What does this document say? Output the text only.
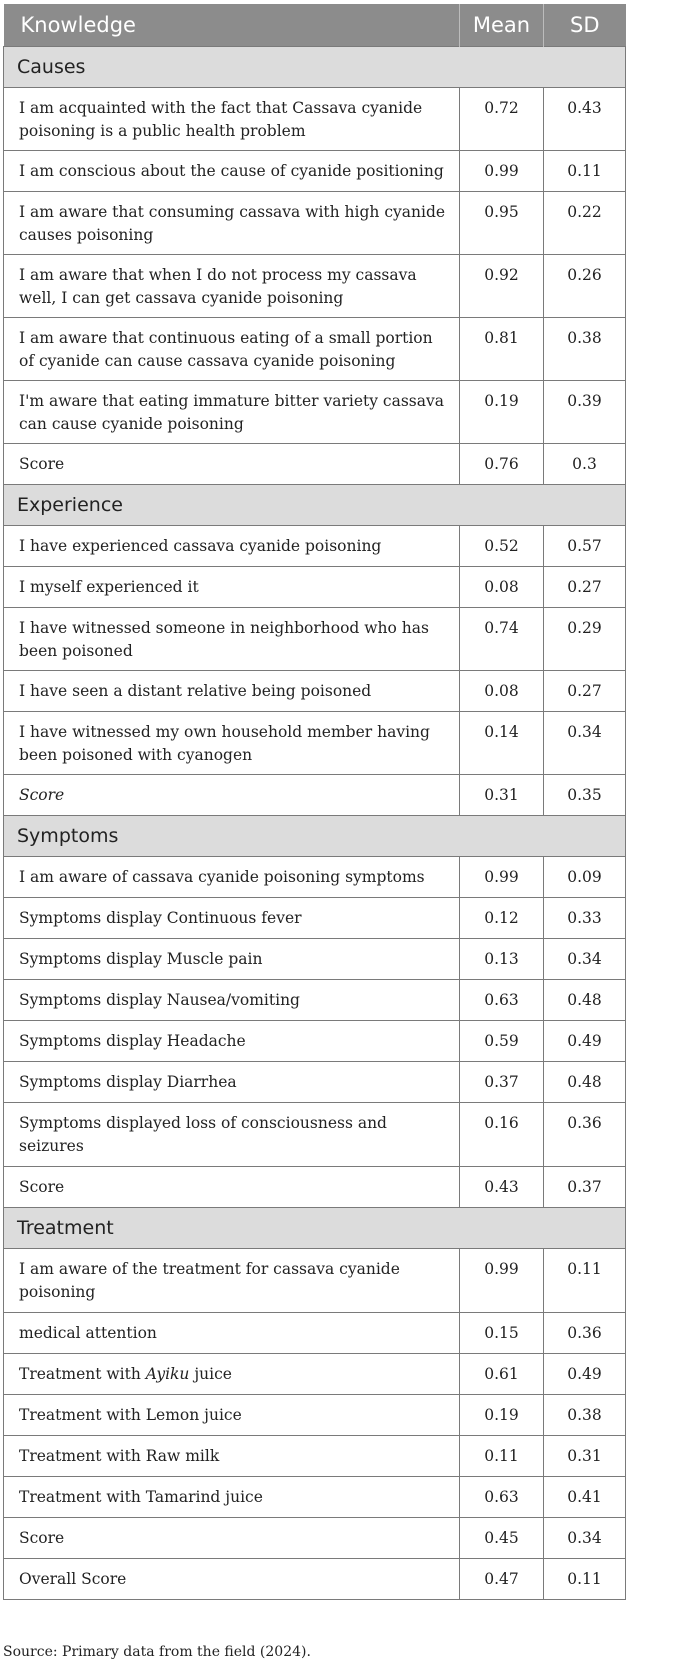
Knowledge	Mean	SD
Causes		
I am acquainted with the fact that Cassava cyanide poisoning is a public health problem	0.72	0.43
I am conscious about the cause of cyanide positioning	0.99	0.11
I am aware that consuming cassava with high cyanide causes poisoning	0.95	0.22
I am aware that when I do not process my cassava well, I can get cassava cyanide poisoning	0.92	0.26
I am aware that continuous eating of a small portion of cyanide can cause cassava cyanide poisoning	0.81	0.38
I'm aware that eating immature bitter variety cassava can cause cyanide poisoning	0.19	0.39
Score	0.76	0.3
Experience		
I have experienced cassava cyanide poisoning	0.52	0.57
I myself experienced it	0.08	0.27
I have witnessed someone in neighborhood who has been poisoned	0.74	0.29
I have seen a distant relative being poisoned	0.08	0.27
I have witnessed my own household member having been poisoned with cyanogen	0.14	0.34
Score	0.31	0.35
Symptoms		
I am aware of cassava cyanide poisoning symptoms	0.99	0.09
Symptoms display Continuous fever	0.12	0.33
Symptoms display Muscle pain	0.13	0.34
Symptoms display Nausea/vomiting	0.63	0.48
Symptoms display Headache	0.59	0.49
Symptoms display Diarrhea	0.37	0.48
Symptoms displayed loss of consciousness and seizures	0.16	0.36
Score	0.43	0.37
Treatment		
I am aware of the treatment for cassava cyanide poisoning	0.99	0.11
medical attention	0.15	0.36
Treatment with Ayiku juice	0.61	0.49
Treatment with Lemon juice	0.19	0.38
Treatment with Raw milk	0.11	0.31
Treatment with Tamarind juice	0.63	0.41
Score	0.45	0.34
Overall Score	0.47	0.11
Source: Primary data from the field (2024).
